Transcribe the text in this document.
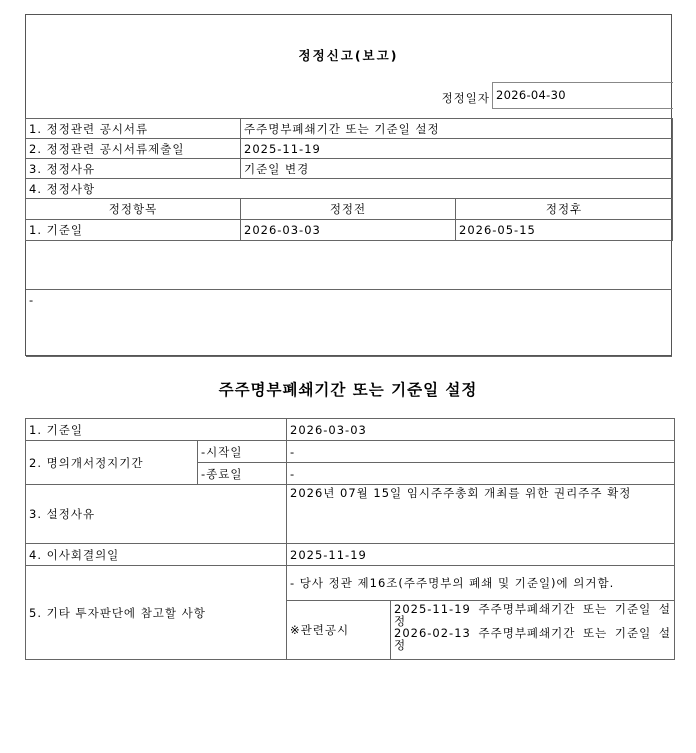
정정신고(보고)
정정일자 2026-04-30
1. 정정관련 공시서류	주주명부폐쇄기간 또는 기준일 설정	
2. 정정관련 공시서류제출일	2025-11-19	
3. 정정사유	기준일 변경	
4. 정정사항		
정정항목	정정전	정정후
1. 기준일	2026-03-03	2026-05-15
-
주주명부폐쇄기간 또는 기준일 설정
1. 기준일		2026-03-03	
2. 명의개서정지기간	-시작일	-	
	-종료일	-	
3. 설정사유		2026년 07월 15일 임시주주총회 개최를 위한 권리주주 확정	
4. 이사회결의일		2025-11-19	
5. 기타 투자판단에 참고할 사항		- 당사 정관 제16조(주주명부의 폐쇄 및 기준일)에 의거함.	
		※관련공시	2025-11-19 주주명부폐쇄기간 또는 기준일 설정
2026-02-13 주주명부폐쇄기간 또는 기준일 설정
